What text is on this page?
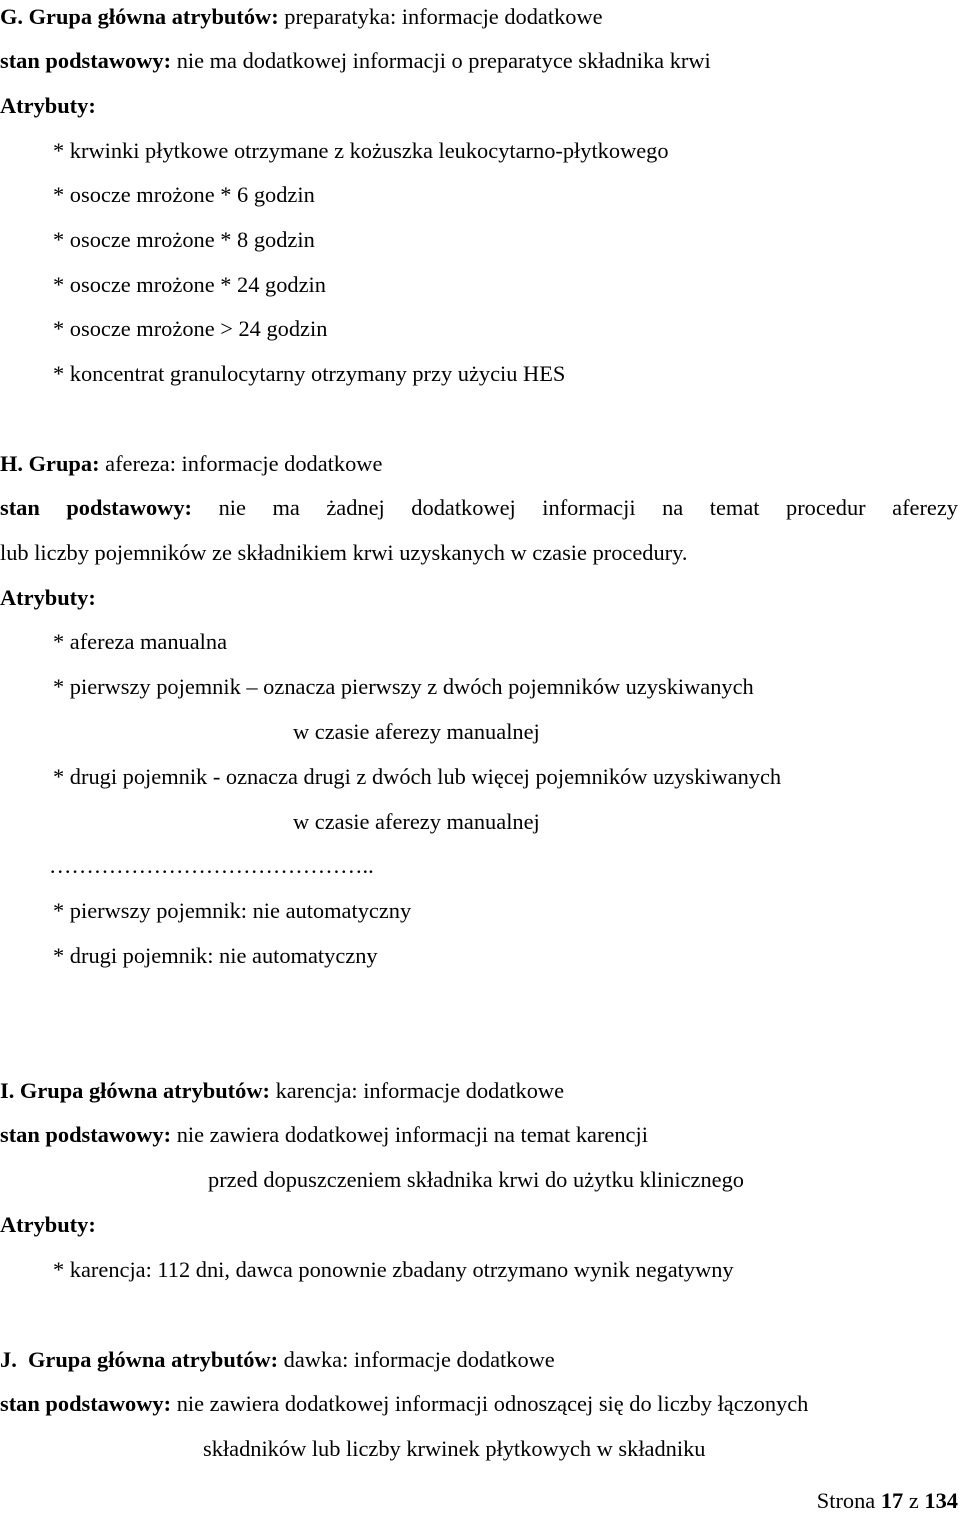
G. Grupa główna atrybutów: preparatyka: informacje dodatkowe
stan podstawowy: nie ma dodatkowej informacji o preparatyce składnika krwi
Atrybuty:
* krwinki płytkowe otrzymane z kożuszka leukocytarno-płytkowego
* osocze mrożone * 6 godzin
* osocze mrożone * 8 godzin
* osocze mrożone * 24 godzin
* osocze mrożone > 24 godzin
* koncentrat granulocytarny otrzymany przy użyciu HES
H. Grupa: afereza: informacje dodatkowe
stan podstawowy: nie ma żadnej dodatkowej informacji na temat procedur aferezy
lub liczby pojemników ze składnikiem krwi uzyskanych w czasie procedury.
Atrybuty:
* afereza manualna
* pierwszy pojemnik – oznacza pierwszy z dwóch pojemników uzyskiwanych
w czasie aferezy manualnej
* drugi pojemnik - oznacza drugi z dwóch lub więcej pojemników uzyskiwanych
w czasie aferezy manualnej
……………………………………..
* pierwszy pojemnik: nie automatyczny
* drugi pojemnik: nie automatyczny
I. Grupa główna atrybutów: karencja: informacje dodatkowe
stan podstawowy: nie zawiera dodatkowej informacji na temat karencji
przed dopuszczeniem składnika krwi do użytku klinicznego
Atrybuty:
* karencja: 112 dni, dawca ponownie zbadany otrzymano wynik negatywny
J. Grupa główna atrybutów: dawka: informacje dodatkowe
stan podstawowy: nie zawiera dodatkowej informacji odnoszącej się do liczby łączonych
składników lub liczby krwinek płytkowych w składniku
Strona 17 z 134
